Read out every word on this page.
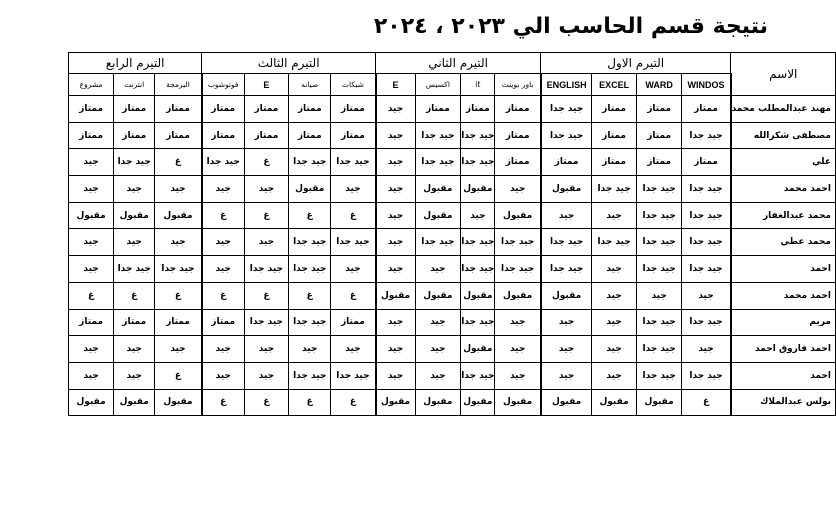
نتيجة قسم الحاسب الي ٢٠٢٣ ، ٢٠٢٤
الاسم	التيرم الاول				التيرم الثاني				التيرم الثالث				التيرم الرابع		
	WINDOS	WARD	EXCEL	ENGLISH	باور بوينت	it	اكسيس	E	شبكات	صيانه	E	فوتوشوب	البرمجة	انترنت	مشروع
مهند عبدالمطلب محمد	ممتاز	ممتاز	ممتاز	جيد جدا	ممتاز	ممتاز	ممتاز	جيد	ممتاز	ممتاز	ممتاز	ممتاز	ممتاز	ممتاز	ممتاز
مصطفى شكرالله	جيد جدا	ممتاز	ممتاز	جيد جدا	ممتاز	جيد جدا	جيد جدا	جيد	ممتاز	ممتاز	ممتاز	ممتاز	ممتاز	ممتاز	ممتاز
علي	ممتاز	ممتاز	ممتاز	ممتاز	ممتاز	جيد جدا	جيد جدا	جيد	جيد جدا	جيد جدا	غ	جيد جدا	غ	جيد جدا	جيد
احمد محمد	جيد جدا	جيد جدا	جيد جدا	مقبول	جيد	مقبول	مقبول	جيد	جيد	مقبول	جيد	جيد	جيد	جيد	جيد
محمد عبدالغفار	جيد جدا	جيد جدا	جيد	جيد	مقبول	جيد	مقبول	جيد	غ	غ	غ	غ	مقبول	مقبول	مقبول
محمد عطي	جيد جدا	جيد جدا	جيد جدا	جيد جدا	جيد جدا	جيد جدا	جيد جدا	جيد	جيد جدا	جيد جدا	جيد	جيد	جيد	جيد	جيد
احمد	جيد جدا	جيد جدا	جيد	جيد جدا	جيد جدا	جيد جدا	جيد	جيد	جيد	جيد جدا	جيد جدا	جيد	جيد جدا	جيد جدا	جيد
احمد محمد	جيد	جيد	جيد	مقبول	مقبول	مقبول	مقبول	مقبول	غ	غ	غ	غ	غ	غ	غ
مريم	جيد جدا	جيد جدا	جيد	جيد	جيد	جيد جدا	جيد	جيد	ممتاز	جيد جدا	جيد جدا	ممتاز	ممتاز	ممتاز	ممتاز
احمد فاروق احمد	جيد	جيد جدا	جيد	جيد	جيد	مقبول	جيد	جيد	جيد	جيد	جيد	جيد	جيد	جيد	جيد
احمد	جيد جدا	جيد جدا	جيد	جيد	جيد	جيد جدا	جيد	جيد	جيد جدا	جيد جدا	جيد	جيد	غ	جيد	جيد
بولس عبدالملاك	غ	مقبول	مقبول	مقبول	مقبول	مقبول	مقبول	مقبول	غ	غ	غ	غ	مقبول	مقبول	مقبول
